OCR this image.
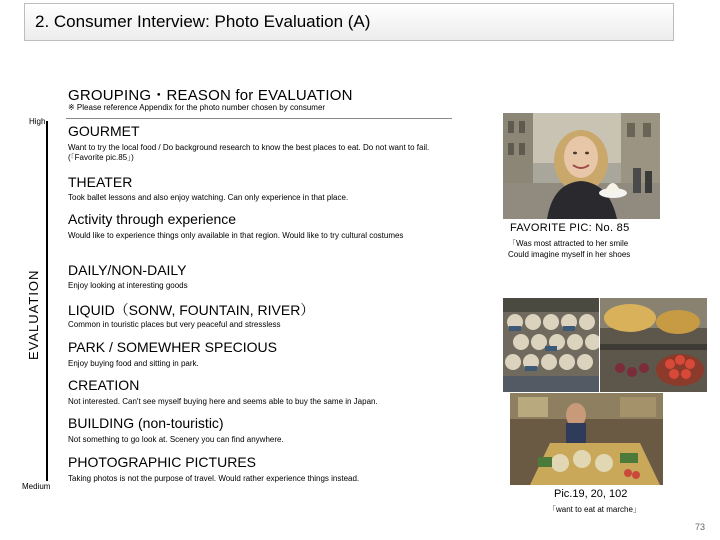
2. Consumer Interview: Photo Evaluation (A)
GROUPING・REASON for EVALUATION
※ Please reference Appendix for the photo number chosen by consumer
High
Medium
EVALUATION
GOURMET
Want to try the local food / Do background research to know the best places to eat. Do not want to fail. (「Favorite pic.85」)
THEATER
Took ballet lessons and also enjoy watching. Can only experience in that place.
Activity through experience
Would like to experience things only available in that region. Would like to try cultural costumes
DAILY/NON-DAILY
Enjoy looking at interesting goods
LIQUID（SONW, FOUNTAIN, RIVER）
Common in touristic places but very peaceful and stressless
PARK / SOMEWHER SPECIOUS
Enjoy buying food and sitting in park.
CREATION
Not interested. Can't see myself buying here and seems able to buy the same in Japan.
BUILDING (non-touristic)
Not something to go look at. Scenery you can find anywhere.
PHOTOGRAPHIC PICTURES
Taking photos is not the purpose of travel. Would rather experience things instead.
FAVORITE PIC: No. 85
「Was most attracted to her smile
Could imagine myself in her shoes
Pic.19, 20, 102
「want to eat at marche」
73
